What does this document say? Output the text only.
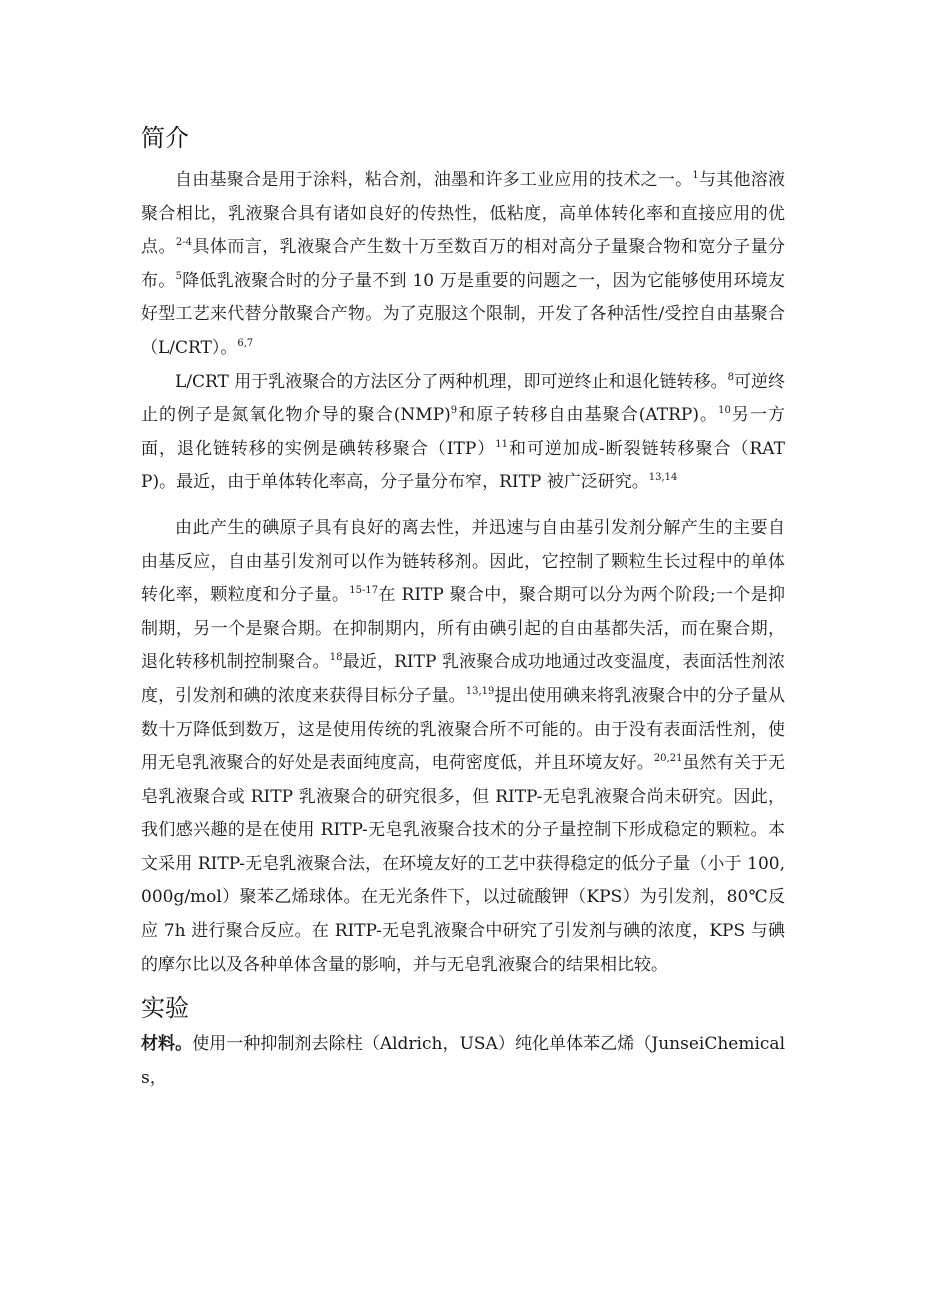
简介

自由基聚合是用于涂料，粘合剂，油墨和许多工业应用的技术之一。$^1$与其他溶液聚合相比，乳液聚合具有诸如良好的传热性，低粘度，高单体转化率和直接应用的优点。$^{2-4}$具体而言，乳液聚合产生数十万至数百万的相对高分子量聚合物和宽分子量分布。$^5$降低乳液聚合时的分子量不到 10 万是重要的问题之一，因为它能够使用环境友好型工艺来代替分散聚合产物。为了克服这个限制，开发了各种活性/受控自由基聚合（L/CRT）。$^{6,7}$

L/CRT 用于乳液聚合的方法区分了两种机理，即可逆终止和退化链转移。$^8$可逆终止的例子是氮氧化物介导的聚合(NMP)$^9$和原子转移自由基聚合(ATRP)。$^{10}$另一方面，退化链转移的实例是碘转移聚合（ITP）$^{11}$和可逆加成-断裂链转移聚合（RATP)。最近，由于单体转化率高，分子量分布窄，RITP 被广泛研究。$^{13,14}$

由此产生的碘原子具有良好的离去性，并迅速与自由基引发剂分解产生的主要自由基反应，自由基引发剂可以作为链转移剂。因此，它控制了颗粒生长过程中的单体转化率，颗粒度和分子量。$^{15-17}$在 RITP 聚合中，聚合期可以分为两个阶段;一个是抑制期，另一个是聚合期。在抑制期内，所有由碘引起的自由基都失活，而在聚合期，退化转移机制控制聚合。$^{18}$最近，RITP 乳液聚合成功地通过改变温度，表面活性剂浓度，引发剂和碘的浓度来获得目标分子量。$^{13,19}$提出使用碘来将乳液聚合中的分子量从数十万降低到数万，这是使用传统的乳液聚合所不可能的。由于没有表面活性剂，使用无皂乳液聚合的好处是表面纯度高，电荷密度低，并且环境友好。$^{20,21}$虽然有关于无皂乳液聚合或 RITP 乳液聚合的研究很多，但 RITP-无皂乳液聚合尚未研究。因此，我们感兴趣的是在使用 RITP-无皂乳液聚合技术的分子量控制下形成稳定的颗粒。本文采用 RITP-无皂乳液聚合法，在环境友好的工艺中获得稳定的低分子量（小于 100,000g/mol）聚苯乙烯球体。在无光条件下，以过硫酸钾（KPS）为引发剂，80℃反应 7h 进行聚合反应。在 RITP-无皂乳液聚合中研究了引发剂与碘的浓度，KPS 与碘的摩尔比以及各种单体含量的影响，并与无皂乳液聚合的结果相比较。

实验

材料。使用一种抑制剂去除柱（Aldrich，USA）纯化单体苯乙烯（JunseiChemicals，
